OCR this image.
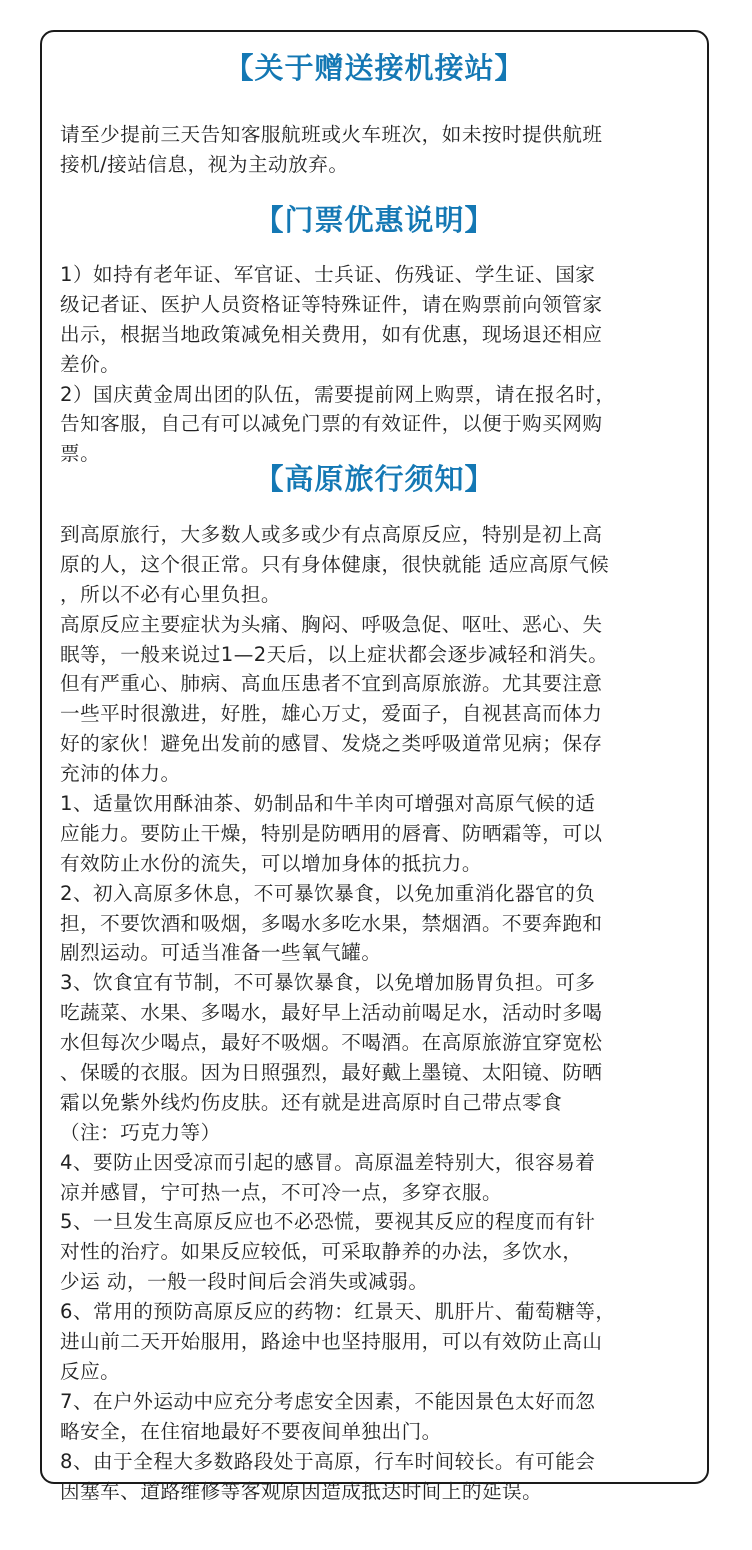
【关于赠送接机接站】
请至少提前三天告知客服航班或火车班次，如未按时提供航班
接机/接站信息，视为主动放弃。
【门票优惠说明】
1）如持有老年证、军官证、士兵证、伤残证、学生证、国家
级记者证、医护人员资格证等特殊证件，请在购票前向领管家
出示，根据当地政策减免相关费用，如有优惠，现场退还相应
差价。
2）国庆黄金周出团的队伍，需要提前网上购票，请在报名时，
告知客服，自己有可以减免门票的有效证件，以便于购买网购
票。
【高原旅行须知】
到高原旅行，大多数人或多或少有点高原反应，特别是初上高
原的人，这个很正常。只有身体健康，很快就能 适应高原气候
，所以不必有心里负担。
高原反应主要症状为头痛、胸闷、呼吸急促、呕吐、恶心、失
眠等，一般来说过1—2天后，以上症状都会逐步减轻和消失。
但有严重心、肺病、高血压患者不宜到高原旅游。尤其要注意
一些平时很激进，好胜，雄心万丈，爱面子，自视甚高而体力
好的家伙！避免出发前的感冒、发烧之类呼吸道常见病；保存
充沛的体力。
1、适量饮用酥油茶、奶制品和牛羊肉可增强对高原气候的适
应能力。要防止干燥，特别是防晒用的唇膏、防晒霜等，可以
有效防止水份的流失，可以增加身体的抵抗力。
2、初入高原多休息，不可暴饮暴食，以免加重消化器官的负
担，不要饮酒和吸烟，多喝水多吃水果，禁烟酒。不要奔跑和
剧烈运动。可适当准备一些氧气罐。
3、饮食宜有节制，不可暴饮暴食，以免增加肠胃负担。可多
吃蔬菜、水果、多喝水，最好早上活动前喝足水，活动时多喝
水但每次少喝点，最好不吸烟。不喝酒。在高原旅游宜穿宽松
、保暖的衣服。因为日照强烈，最好戴上墨镜、太阳镜、防晒
霜以免紫外线灼伤皮肤。还有就是进高原时自己带点零食
（注：巧克力等）
4、要防止因受凉而引起的感冒。高原温差特别大，很容易着
凉并感冒，宁可热一点，不可冷一点，多穿衣服。
5、一旦发生高原反应也不必恐慌，要视其反应的程度而有针
对性的治疗。如果反应较低，可采取静养的办法，多饮水，
少运 动，一般一段时间后会消失或减弱。
6、常用的预防高原反应的药物：红景天、肌肝片、葡萄糖等，
进山前二天开始服用，路途中也坚持服用，可以有效防止高山
反应。
7、在户外运动中应充分考虑安全因素，不能因景色太好而忽
略安全，在住宿地最好不要夜间单独出门。
8、由于全程大多数路段处于高原，行车时间较长。有可能会
因塞车、道路维修等客观原因造成抵达时间上的延误。
